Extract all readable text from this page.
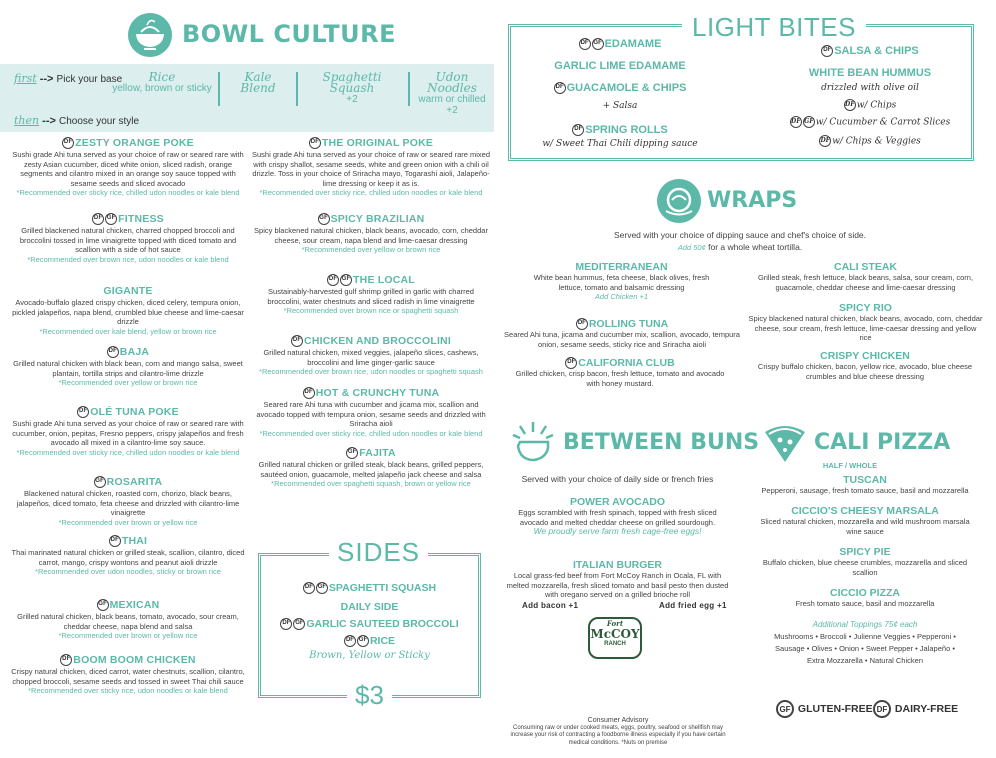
BOWL CULTURE
first --> Pick your base	Rice
yellow, brown or sticky
Kale Blend
Spaghetti Squash
+2
Udon Noodles
warm or chilled
+2
then --> Choose your style
DF ZESTY ORANGE POKE
Sushi grade Ahi tuna served as your choice of raw or seared rare with zesty Asian cucumber, diced white onion, sliced radish, orange segments and cilantro mixed in an orange soy sauce topped with sesame seeds and sliced avocado
*Recommended over sticky rice, chilled udon noodles or kale blend
DF GF FITNESS
Grilled blackened natural chicken, charred chopped broccoli and broccolini tossed in lime vinaigrette topped with diced tomato and scallion with a side of hot sauce
*Recommended over brown rice, udon noodles or kale blend
GIGANTE
Avocado-buffalo glazed crispy chicken, diced celery, tempura onion, pickled jalapeños, napa blend, crumbled blue cheese and lime-caesar drizzle
*Recommended over kale blend, yellow or brown rice
DF BAJA
Grilled natural chicken with black bean, corn and mango salsa, sweet plantain, tortilla strips and cilantro-lime drizzle
*Recommended over yellow or brown rice
DF OLÉ TUNA POKE
Sushi grade Ahi tuna served as your choice of raw or seared rare with cucumber, onion, pepitas, Fresno peppers, crispy jalapeños and fresh avocado all mixed in a cilantro-lime soy sauce.
*Recommended over sticky rice, chilled udon noodles or kale blend
GF ROSARITA
Blackened natural chicken, roasted corn, chorizo, black beans, jalapeños, diced tomato, feta cheese and drizzled with cilantro-lime vinaigrette
*Recommended over brown or yellow rice
DF THAI
Thai marinated natural chicken or grilled steak, scallion, cilantro, diced carrot, mango, crispy wontons and peanut aioli drizzle
*Recommended over udon noodles, sticky or brown rice
GF MEXICAN
Grilled natural chicken, black beans, tomato, avocado, sour cream, cheddar cheese, napa blend and salsa
*Recommended over brown or yellow rice
DF BOOM BOOM CHICKEN
Crispy natural chicken, diced carrot, water chestnuts, scallion, cilantro, chopped broccoli, sesame seeds and tossed in sweet Thai chili sauce
*Recommended over sticky rice, udon noodles or kale blend
DF THE ORIGINAL POKE
Sushi grade Ahi tuna served as your choice of raw or seared rare mixed with crispy shallot, sesame seeds, white and green onion with a chili oil drizzle. Toss in your choice of Sriracha mayo, Togarashi aioli, Jalapeño-lime dressing or keep it as is.
*Recommended over sticky rice, chilled udon noodles or kale blend
GF SPICY BRAZILIAN
Spicy blackened natural chicken, black beans, avocado, corn, cheddar cheese, sour cream, napa blend and lime-caesar dressing
*Recommended over yellow or brown rice
DF GF THE LOCAL
Sustainably-harvested gulf shrimp grilled in garlic with charred broccolini, water chestnuts and sliced radish in lime vinaigrette
*Recommended over brown rice or spaghetti squash
DF CHICKEN AND BROCCOLINI
Grilled natural chicken, mixed veggies, jalapeño slices, cashews, broccolini and lime ginger-garlic sauce
*Recommended over brown rice, udon noodles or spaghetti squash
DF HOT & CRUNCHY TUNA
Seared rare Ahi tuna with cucumber and jicama mix, scallion and avocado topped with tempura onion, sesame seeds and drizzled with Sriracha aioli
*Recommended over sticky rice, chilled udon noodles or kale blend
GF FAJITA
Grilled natural chicken or grilled steak, black beans, grilled peppers, sautéed onion, guacamole, melted jalapeño jack cheese and salsa
*Recommended over spaghetti squash, brown or yellow rice
SIDES
DF GF SPAGHETTI SQUASH
DAILY SIDE
DF GF GARLIC SAUTEED BROCCOLI
DF GF RICE
Brown, Yellow or Sticky
$3
LIGHT BITES
DF GF EDAMAME
GARLIC LIME EDAMAME
DF GUACAMOLE & CHIPS
+ Salsa
DF SPRING ROLLS
w/ Sweet Thai Chili dipping sauce
DF SALSA & CHIPS
WHITE BEAN HUMMUS
drizzled with olive oil
DF w/ Chips
DF GF w/ Cucumber & Carrot Slices
DF w/ Chips & Veggies
WRAPS
Served with your choice of dipping sauce and chef's choice of side.
Add 50¢ for a whole wheat tortilla.
MEDITERRANEAN
White bean hummus, feta cheese, black olives, fresh lettuce, tomato and balsamic dressing
Add Chicken +1
DF ROLLING TUNA
Seared Ahi tuna, jicama and cucumber mix, scallion, avocado, tempura onion, sesame seeds, sticky rice and Sriracha aioli
DF CALIFORNIA CLUB
Grilled chicken, crisp bacon, fresh lettuce, tomato and avocado with honey mustard.
CALI STEAK
Grilled steak, fresh lettuce, black beans, salsa, sour cream, corn, guacamole, cheddar cheese and lime-caesar dressing
SPICY RIO
Spicy blackened natural chicken, black beans, avocado, corn, cheddar cheese, sour cream, fresh lettuce, lime-caesar dressing and yellow rice
CRISPY CHICKEN
Crispy buffalo chicken, bacon, yellow rice, avocado, blue cheese crumbles and blue cheese dressing
BETWEEN BUNS
Served with your choice of daily side or french fries
POWER AVOCADO
Eggs scrambled with fresh spinach, topped with fresh sliced avocado and melted cheddar cheese on grilled sourdough.
We proudly serve farm fresh cage-free eggs!
ITALIAN BURGER
Local grass-fed beef from Fort McCoy Ranch in Ocala, FL with melted mozzarella, fresh sliced tomato and basil pesto then dusted with oregano served on a grilled brioche roll
Add bacon +1	Add fried egg +1
Fort
McCOY
RANCH
CALI PIZZA
HALF / WHOLE
TUSCAN
Pepperoni, sausage, fresh tomato sauce, basil and mozzarella
CICCIO'S CHEESY MARSALA
Sliced natural chicken, mozzarella and wild mushroom marsala wine sauce
SPICY PIE
Buffalo chicken, blue cheese crumbles, mozzarella and sliced scallion
CICCIO PIZZA
Fresh tomato sauce, basil and mozzarella
Additional Toppings 75¢ each
Mushrooms • Broccoli • Julienne Veggies • Pepperoni •
Sausage • Olives • Onion • Sweet Pepper • Jalapeño •
Extra Mozzarella • Natural Chicken
GF GLUTEN-FREE DF DAIRY-FREE
Consumer Advisory
Consuming raw or under cooked meats, eggs, poultry, seafood or shellfish may increase your risk of contracting a foodborne illness especially if you have certain medical conditions. *Nuts on premise
